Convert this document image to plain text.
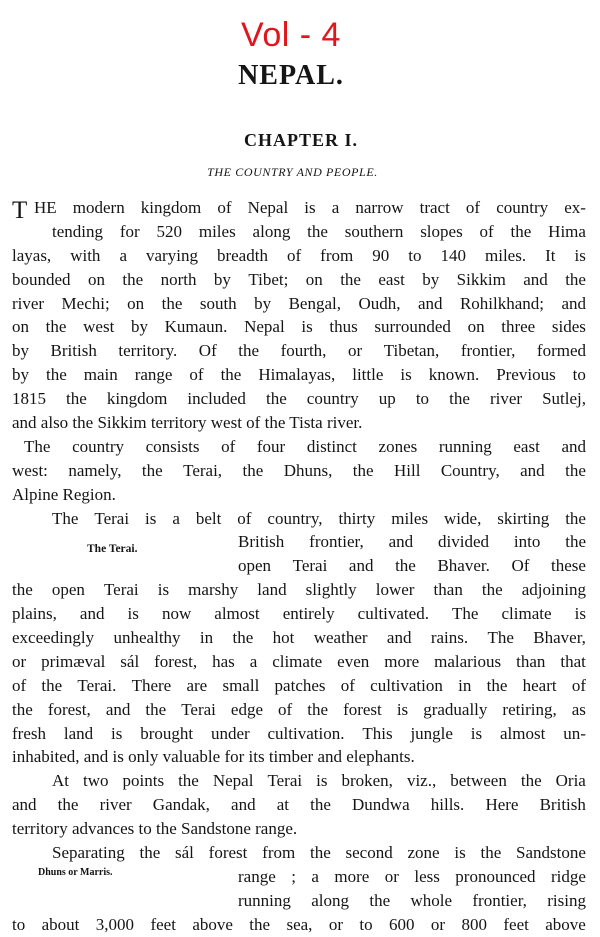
Vol - 4
NEPAL.
CHAPTER I.
THE COUNTRY AND PEOPLE.
The Terai.
Dhuns or Marris.
T HE modern kingdom of Nepal is a narrow tract of country ex-
tending for 520 miles along the southern slopes of the Hima
layas, with a varying breadth of from 90 to 140 miles. It is
bounded on the north by Tibet; on the east by Sikkim and the
river Mechi; on the south by Bengal, Oudh, and Rohilkhand; and
on the west by Kumaun. Nepal is thus surrounded on three sides
by British territory. Of the fourth, or Tibetan, frontier, formed
by the main range of the Himalayas, little is known. Previous to
1815 the kingdom included the country up to the river Sutlej,
and also the Sikkim territory west of the Tista river.
The country consists of four distinct zones running east and
west: namely, the Terai, the Dhuns, the Hill Country, and the
Alpine Region.
The Terai is a belt of country, thirty miles wide, skirting the
British frontier, and divided into the
open Terai and the Bhaver. Of these
the open Terai is marshy land slightly lower than the adjoining
plains, and is now almost entirely cultivated. The climate is
exceedingly unhealthy in the hot weather and rains. The Bhaver,
or primæval sál forest, has a climate even more malarious than that
of the Terai. There are small patches of cultivation in the heart of
the forest, and the Terai edge of the forest is gradually retiring, as
fresh land is brought under cultivation. This jungle is almost un-
inhabited, and is only valuable for its timber and elephants.
At two points the Nepal Terai is broken, viz., between the Oria
and the river Gandak, and at the Dundwa hills. Here British
territory advances to the Sandstone range.
Separating the sál forest from the second zone is the Sandstone
range ; a more or less pronounced ridge
running along the whole frontier, rising
to about 3,000 feet above the sea, or to 600 or 800 feet above
